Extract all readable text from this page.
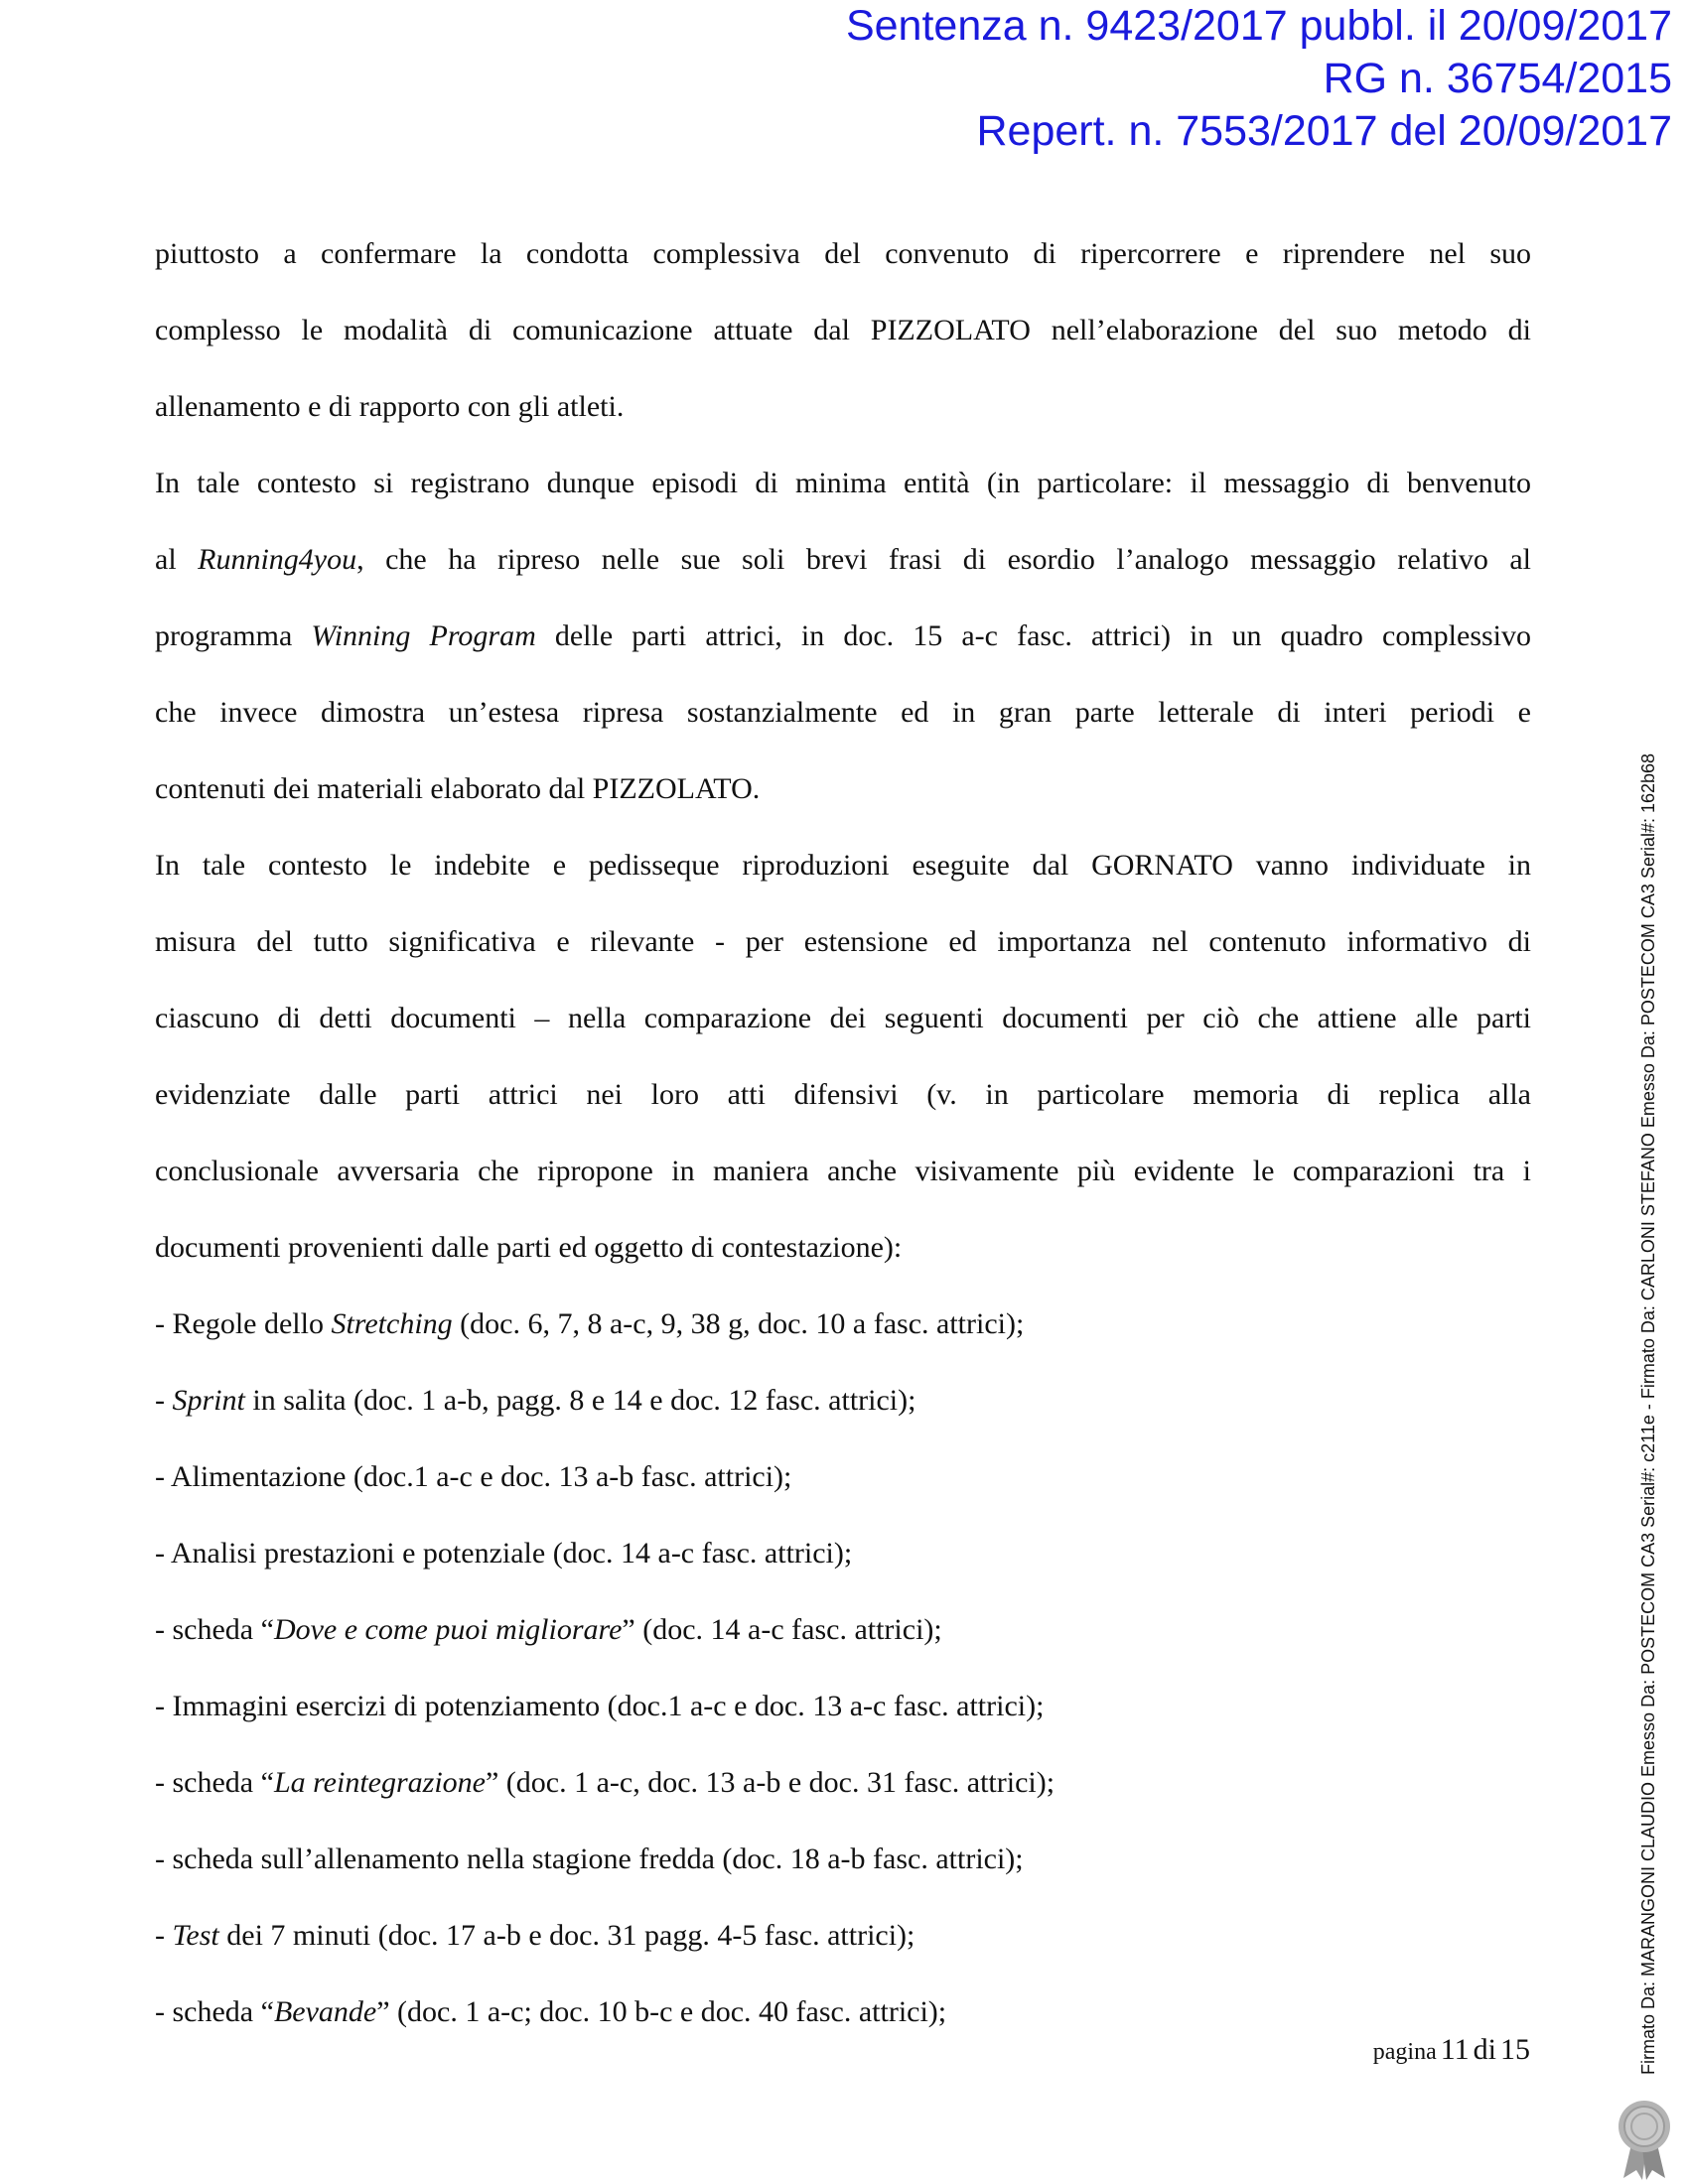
Sentenza n. 9423/2017 pubbl. il 20/09/2017
RG n. 36754/2015
Repert. n. 7553/2017 del 20/09/2017
piuttosto a confermare la condotta complessiva del convenuto di ripercorrere e riprendere nel suo
complesso le modalità di comunicazione attuate dal PIZZOLATO nell’elaborazione del suo metodo di
allenamento e di rapporto con gli atleti.
In tale contesto si registrano dunque episodi di minima entità (in particolare: il messaggio di benvenuto
al Running4you, che ha ripreso nelle sue soli brevi frasi di esordio l’analogo messaggio relativo al
programma Winning Program delle parti attrici, in doc. 15 a-c fasc. attrici) in un quadro complessivo
che invece dimostra un’estesa ripresa sostanzialmente ed in gran parte letterale di interi periodi e
contenuti dei materiali elaborato dal PIZZOLATO.
In tale contesto le indebite e pedisseque riproduzioni eseguite dal GORNATO vanno individuate in
misura del tutto significativa e rilevante - per estensione ed importanza nel contenuto informativo di
ciascuno di detti documenti – nella comparazione dei seguenti documenti per ciò che attiene alle parti
evidenziate dalle parti attrici nei loro atti difensivi (v. in particolare memoria di replica alla
conclusionale avversaria che ripropone in maniera anche visivamente più evidente le comparazioni tra i
documenti provenienti dalle parti ed oggetto di contestazione):
- Regole dello Stretching (doc. 6, 7, 8 a-c, 9, 38 g, doc. 10 a fasc. attrici);
- Sprint in salita (doc. 1 a-b, pagg. 8 e 14 e doc. 12 fasc. attrici);
- Alimentazione (doc.1 a-c e doc. 13 a-b fasc. attrici);
- Analisi prestazioni e potenziale (doc. 14 a-c fasc. attrici);
- scheda “Dove e come puoi migliorare” (doc. 14 a-c fasc. attrici);
- Immagini esercizi di potenziamento (doc.1 a-c e doc. 13 a-c fasc. attrici);
- scheda “La reintegrazione” (doc. 1 a-c, doc. 13 a-b e doc. 31 fasc. attrici);
- scheda sull’allenamento nella stagione fredda (doc. 18 a-b fasc. attrici);
- Test dei 7 minuti (doc. 17 a-b e doc. 31 pagg. 4-5 fasc. attrici);
- scheda “Bevande” (doc. 1 a-c; doc. 10 b-c e doc. 40 fasc. attrici);
pagina 11 di 15	Firmato Da: MARANGONI CLAUDIO Emesso Da: POSTECOM CA3 Serial#: c211e - Firmato Da: CARLONI STEFANO Emesso Da: POSTECOM CA3 Serial#: 162b68
